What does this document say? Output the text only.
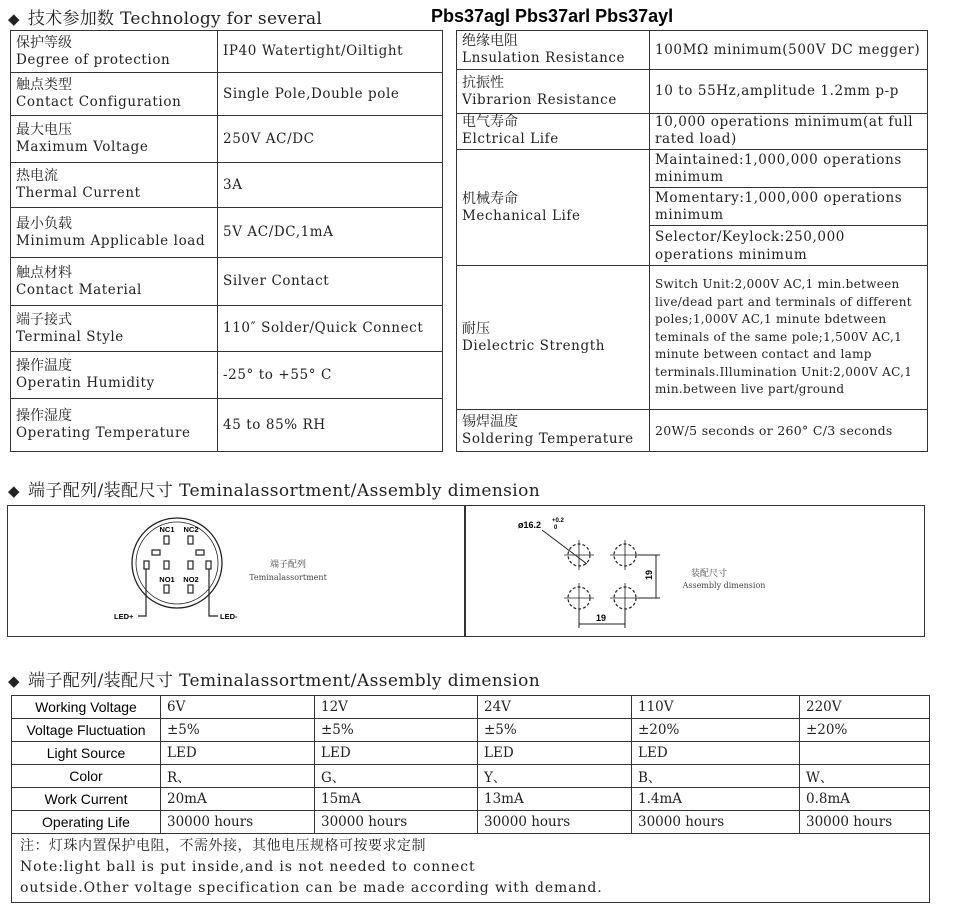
◆ 技术参加数 Technology for several	Pbs37agl Pbs37arl Pbs37ayl
保护等级
Degree of protection	IP40 Watertight/Oiltight

触点类型
Contact Configuration	Single Pole,Double pole

最大电压
Maximum Voltage	250V AC/DC

热电流
Thermal Current	3A

最小负载
Minimum Applicable load	5V AC/DC,1mA

触点材料
Contact Material	Silver Contact

端子接式
Terminal Style	110″ Solder/Quick Connect

操作温度
Operatin Humidity	-25° to +55° C

操作湿度
Operating Temperature	45 to 85% RH
绝缘电阻
Lnsulation Resistance	100MΩ minimum(500V DC megger)

抗振性
Vibrarion Resistance	10 to 55Hz,amplitude 1.2mm p-p

电气寿命
Elctrical Life	10,000 operations minimum(at full rated load)

机械寿命
Mechanical Life	Maintained:1,000,000 operations minimum

	Momentary:1,000,000 operations minimum

	Selector/Keylock:250,000 operations minimum

耐压
Dielectric Strength	Switch Unit:2,000V AC,1 min.between live/dead part and terminals of different poles;1,000V AC,1 minute bdetween teminals of the same pole;1,500V AC,1 minute between contact and lamp terminals.Illumination Unit:2,000V AC,1 min.between live part/ground

锡焊温度
Soldering Temperature	20W/5 seconds or 260° C/3 seconds
◆ 端子配列/装配尺寸 Teminalassortment/Assembly dimension
NC1 NC2
NO1 NO2
LED+	LED-
端子配列
Teminalassortment
ø16.2 +0.2
0
19
19
装配尺寸
Assembly dimension
◆ 端子配列/装配尺寸 Teminalassortment/Assembly dimension
Working Voltage	6V	12V	24V	110V	220V
Voltage Fluctuation	±5%	±5%	±5%	±20%	±20%
Light Source	LED	LED	LED	LED	
Color	R、	G、	Y、	B、	W、
Work Current	20mA	15mA	13mA	1.4mA	0.8mA
Operating Life	30000 hours	30000 hours	30000 hours	30000 hours	30000 hours

注：灯珠内置保护电阻，不需外接，其他电压规格可按要求定制
Note:light ball is put inside,and is not needed to connect
outside.Other voltage specification can be made according with demand.					
